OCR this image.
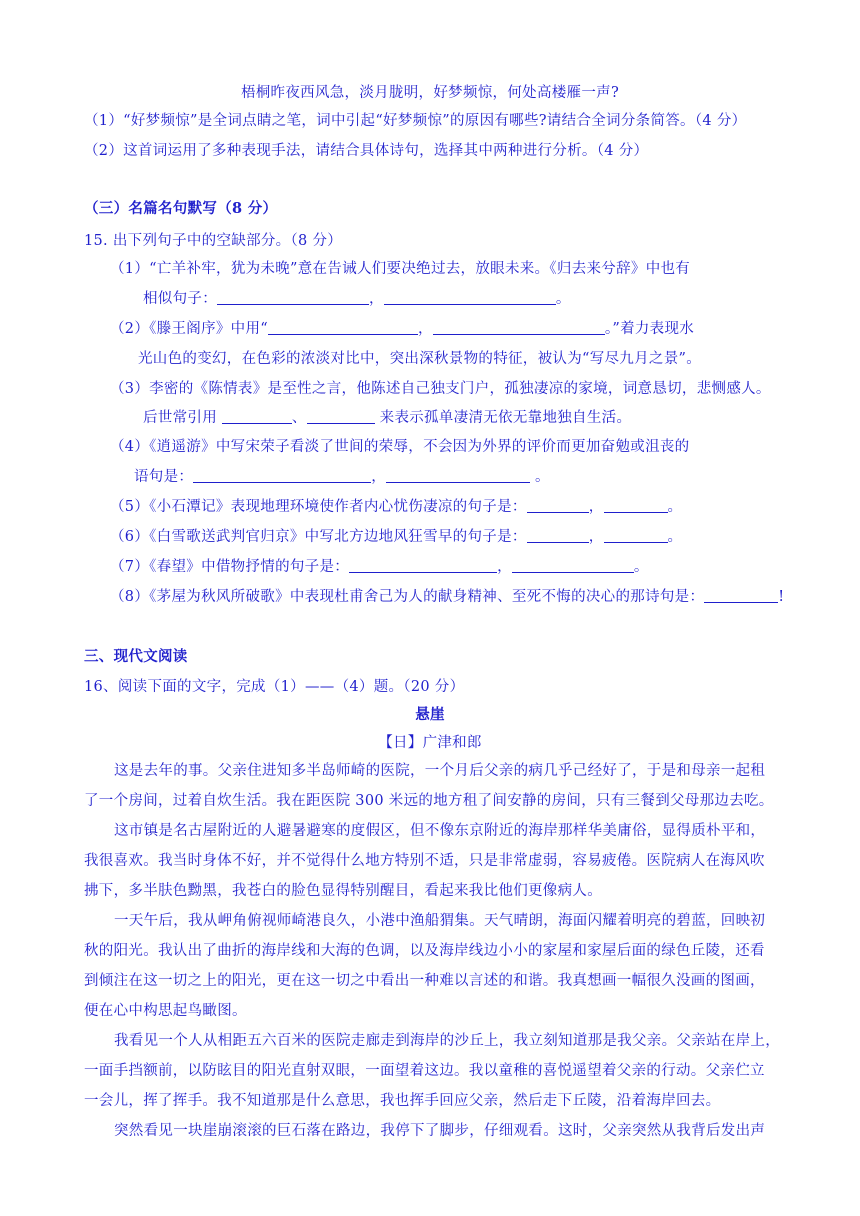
梧桐昨夜西风急，淡月胧明，好梦频惊，何处高楼雁一声?
（1）“好梦频惊”是全词点睛之笔，词中引起“好梦频惊”的原因有哪些?请结合全词分条简答。（4 分）
（2）这首词运用了多种表现手法，请结合具体诗句，选择其中两种进行分析。（4 分）
（三）名篇名句默写（8 分）
15. 出下列句子中的空缺部分。（8 分）
（1）“亡羊补牢，犹为未晚”意在告诫人们要决绝过去，放眼未来。《归去来兮辞》中也有
相似句子：	，	。
（2）《滕王阁序》中用“	，	。”着力表现水
光山色的变幻，在色彩的浓淡对比中，突出深秋景物的特征，被认为“写尽九月之景”。
（3）李密的《陈情表》是至性之言，他陈述自己独支门户，孤独凄凉的家境，词意恳切，悲恻感人。
后世常引用	、	来表示孤单凄清无依无靠地独自生活。
（4）《逍遥游》中写宋荣子看淡了世间的荣辱，不会因为外界的评价而更加奋勉或沮丧的
语句是：	，	。
（5）《小石潭记》表现地理环境使作者内心忧伤凄凉的句子是：	，	。
（6）《白雪歌送武判官归京》中写北方边地风狂雪早的句子是：	，	。
（7）《春望》中借物抒情的句子是：	，	。
（8）《茅屋为秋风所破歌》中表现杜甫舍己为人的献身精神、至死不悔的决心的那诗句是：	!
三、现代文阅读
16、阅读下面的文字，完成（1）——（4）题。（20 分）
悬崖
【日】广津和郎
这是去年的事。父亲住进知多半岛师崎的医院，一个月后父亲的病几乎己经好了，于是和母亲一起租
了一个房间，过着自炊生活。我在距医院 300 米远的地方租了间安静的房间，只有三餐到父母那边去吃。
这市镇是名古屋附近的人避暑避寒的度假区，但不像东京附近的海岸那样华美庸俗，显得质朴平和，
我很喜欢。我当时身体不好，并不觉得什么地方特别不适，只是非常虚弱，容易疲倦。医院病人在海风吹
拂下，多半肤色黝黑，我苍白的脸色显得特别醒目，看起来我比他们更像病人。
一天午后，我从岬角俯视师崎港良久，小港中渔船猬集。天气晴朗，海面闪耀着明亮的碧蓝，回映初
秋的阳光。我认出了曲折的海岸线和大海的色调，以及海岸线边小小的家屋和家屋后面的绿色丘陵，还看
到倾注在这一切之上的阳光，更在这一切之中看出一种难以言述的和谐。我真想画一幅很久没画的图画，
便在心中构思起鸟瞰图。
我看见一个人从相距五六百米的医院走廊走到海岸的沙丘上，我立刻知道那是我父亲。父亲站在岸上，
一面手挡额前，以防眩目的阳光直射双眼，一面望着这边。我以童稚的喜悦遥望着父亲的行动。父亲伫立
一会儿，挥了挥手。我不知道那是什么意思，我也挥手回应父亲，然后走下丘陵，沿着海岸回去。
突然看见一块崖崩滚滚的巨石落在路边，我停下了脚步，仔细观看。这时，父亲突然从我背后发出声
